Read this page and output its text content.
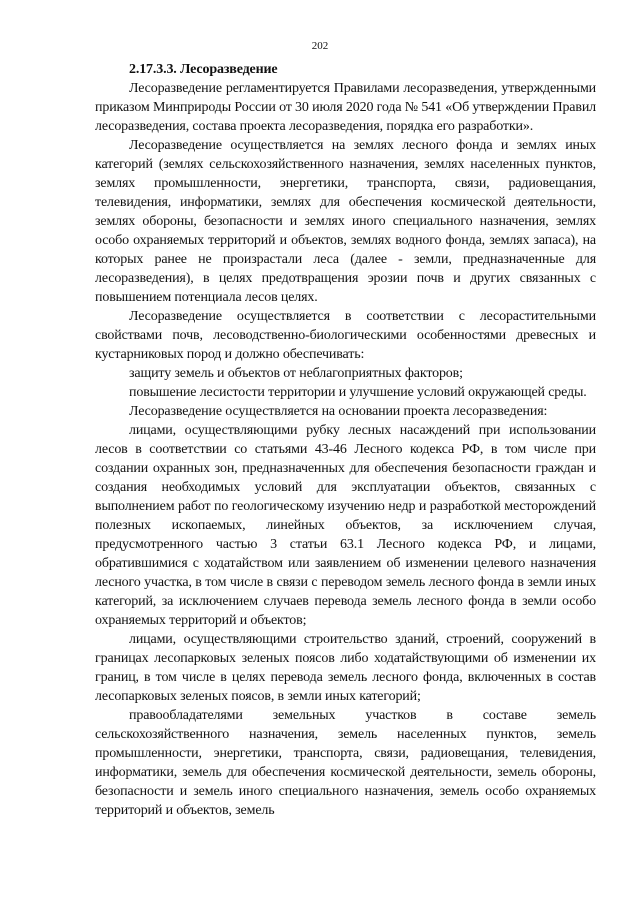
202
2.17.3.3. Лесоразведение

Лесоразведение регламентируется Правилами лесоразведения, утвержденными приказом Минприроды России от 30 июля 2020 года № 541 «Об утверждении Правил лесоразведения, состава проекта лесоразведения, порядка его разработки».

Лесоразведение осуществляется на землях лесного фонда и землях иных категорий (землях сельскохозяйственного назначения, землях населенных пунктов, землях промышленности, энергетики, транспорта, связи, радиовещания, телевидения, информатики, землях для обеспечения космической деятельности, землях обороны, безопасности и землях иного специального назначения, землях особо охраняемых территорий и объектов, землях водного фонда, землях запаса), на которых ранее не произрастали леса (далее - земли, предназначенные для лесоразведения), в целях предотвращения эрозии почв и других связанных с повышением потенциала лесов целях.

Лесоразведение осуществляется в соответствии с лесорастительными свойствами почв, лесоводственно-биологическими особенностями древесных и кустарниковых пород и должно обеспечивать:

защиту земель и объектов от неблагоприятных факторов;

повышение лесистости территории и улучшение условий окружающей среды.

Лесоразведение осуществляется на основании проекта лесоразведения:

лицами, осуществляющими рубку лесных насаждений при использовании лесов в соответствии со статьями 43-46 Лесного кодекса РФ, в том числе при создании охранных зон, предназначенных для обеспечения безопасности граждан и создания необходимых условий для эксплуатации объектов, связанных с выполнением работ по геологическому изучению недр и разработкой месторождений полезных ископаемых, линейных объектов, за исключением случая, предусмотренного частью 3 статьи 63.1 Лесного кодекса РФ, и лицами, обратившимися с ходатайством или заявлением об изменении целевого назначения лесного участка, в том числе в связи с переводом земель лесного фонда в земли иных категорий, за исключением случаев перевода земель лесного фонда в земли особо охраняемых территорий и объектов;

лицами, осуществляющими строительство зданий, строений, сооружений в границах лесопарковых зеленых поясов либо ходатайствующими об изменении их границ, в том числе в целях перевода земель лесного фонда, включенных в состав лесопарковых зеленых поясов, в земли иных категорий;

правообладателями земельных участков в составе земель сельскохозяйственного назначения, земель населенных пунктов, земель промышленности, энергетики, транспорта, связи, радиовещания, телевидения, информатики, земель для обеспечения космической деятельности, земель обороны, безопасности и земель иного специального назначения, земель особо охраняемых территорий и объектов, земель
